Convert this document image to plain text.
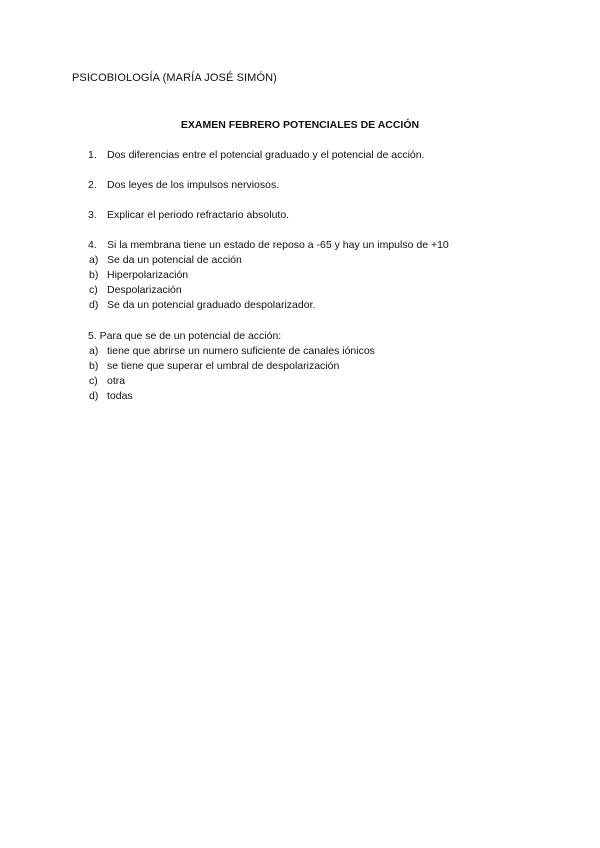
PSICOBIOLOGÍA (MARÍA JOSÉ SIMÓN)
EXAMEN FEBRERO POTENCIALES DE ACCIÓN
1. Dos diferencias entre el potencial graduado y el potencial de acción.
2. Dos leyes de los impulsos nerviosos.
3. Explicar el periodo refractario absoluto.
4. Si la membrana tiene un estado de reposo a -65 y hay un impulso de +10
a) Se da un potencial de acción
b) Hiperpolarización
c) Despolarización
d) Se da un potencial graduado despolarizador.
5. Para que se de un potencial de acción:
a) tiene que abrirse un numero suficiente de canales iónicos
b) se tiene que superar el umbral de despolarización
c) otra
d) todas
